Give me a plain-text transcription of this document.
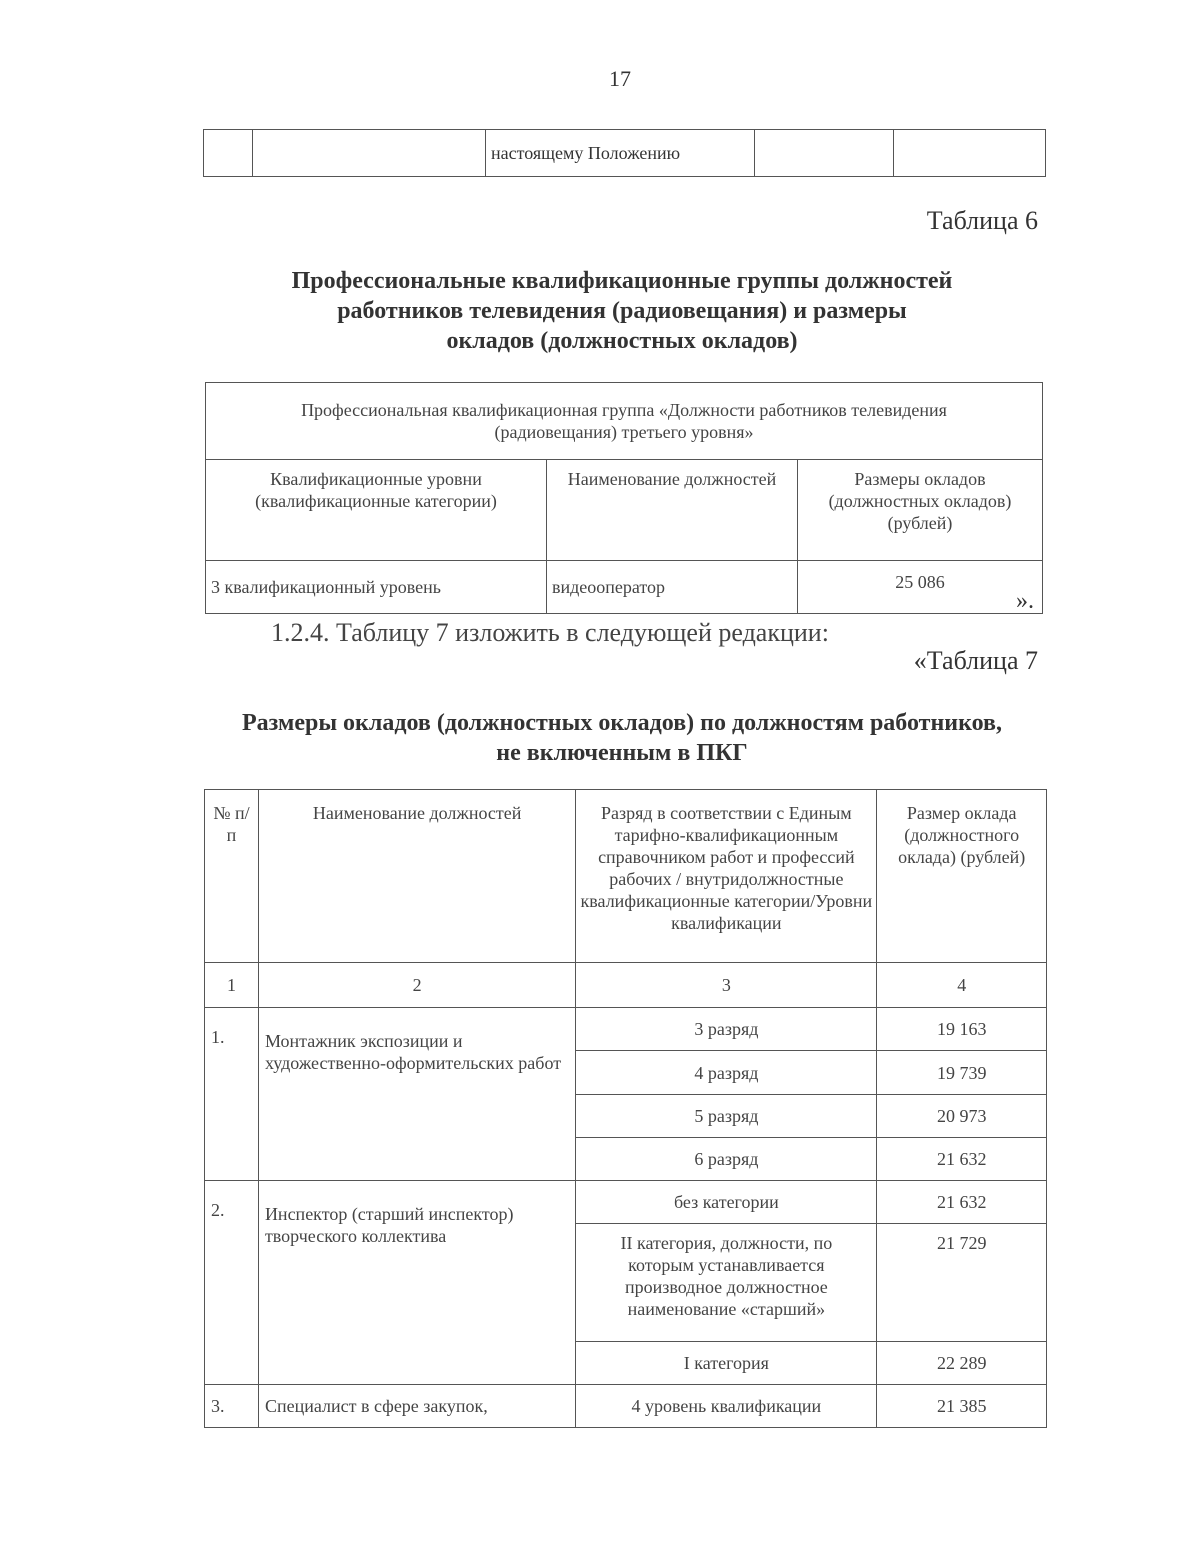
17
		настоящему Положению		
Таблица 6
Профессиональные квалификационные группы должностей
работников телевидения (радиовещания) и размеры
окладов (должностных окладов)
Профессиональная квалификационная группа «Должности работников телевидения (радиовещания) третьего уровня»		
Квалификационные уровни (квалификационные категории)	Наименование должностей	Размеры окладов (должностных окладов) (рублей)
3 квалификационный уровень	видеооператор	25 086
».
1.2.4. Таблицу 7 изложить в следующей редакции:
«Таблица 7
Размеры окладов (должностных окладов) по должностям работников,
не включенным в ПКГ
№ п/п	Наименование должностей	Разряд в соответствии с Единым тарифно-квалификационным справочником работ и профессий рабочих / внутридолжностные квалификационные категории/Уровни квалификации	Размер оклада (должностного оклада) (рублей)
1	2	3	4
1.	Монтажник экспозиции и художественно-оформительских работ	3 разряд	19 163
		4 разряд	19 739
		5 разряд	20 973
		6 разряд	21 632
2.	Инспектор (старший инспектор) творческого коллектива	без категории	21 632
		II категория, должности, по которым устанавливается производное должностное наименование «старший»	21 729
		I категория	22 289
3.	Специалист в сфере закупок,	4 уровень квалификации	21 385
